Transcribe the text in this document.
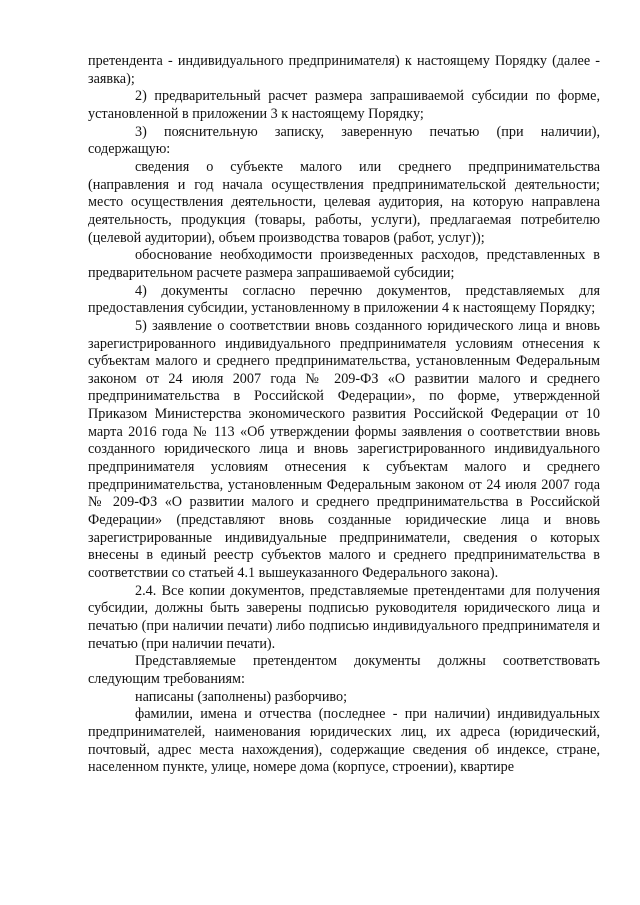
претендента - индивидуального предпринимателя) к настоящему Порядку (далее - заявка);

2) предварительный расчет размера запрашиваемой субсидии по форме, установленной в приложении 3 к настоящему Порядку;

3) пояснительную записку, заверенную печатью (при наличии), содержащую:

сведения о субъекте малого или среднего предпринимательства (направления и год начала осуществления предпринимательской деятельности; место осуществления деятельности, целевая аудитория, на которую направлена деятельность, продукция (товары, работы, услуги), предлагаемая потребителю (целевой аудитории), объем производства товаров (работ, услуг));

обоснование необходимости произведенных расходов, представленных в предварительном расчете размера запрашиваемой субсидии;

4) документы согласно перечню документов, представляемых для предоставления субсидии, установленному в приложении 4 к настоящему Порядку;

5) заявление о соответствии вновь созданного юридического лица и вновь зарегистрированного индивидуального предпринимателя условиям отнесения к субъектам малого и среднего предпринимательства, установленным Федеральным законом от 24 июля 2007 года № 209-ФЗ «О развитии малого и среднего предпринимательства в Российской Федерации», по форме, утвержденной Приказом Министерства экономического развития Российской Федерации от 10 марта 2016 года № 113 «Об утверждении формы заявления о соответствии вновь созданного юридического лица и вновь зарегистрированного индивидуального предпринимателя условиям отнесения к субъектам малого и среднего предпринимательства, установленным Федеральным законом от 24 июля 2007 года № 209-ФЗ «О развитии малого и среднего предпринимательства в Российской Федерации» (представляют вновь созданные юридические лица и вновь зарегистрированные индивидуальные предприниматели, сведения о которых внесены в единый реестр субъектов малого и среднего предпринимательства в соответствии со статьей 4.1 вышеуказанного Федерального закона).

2.4. Все копии документов, представляемые претендентами для получения субсидии, должны быть заверены подписью руководителя юридического лица и печатью (при наличии печати) либо подписью индивидуального предпринимателя и печатью (при наличии печати).

Представляемые претендентом документы должны соответствовать следующим требованиям:

написаны (заполнены) разборчиво;

фамилии, имена и отчества (последнее - при наличии) индивидуальных предпринимателей, наименования юридических лиц, их адреса (юридический, почтовый, адрес места нахождения), содержащие сведения об индексе, стране, населенном пункте, улице, номере дома (корпусе, строении), квартире
